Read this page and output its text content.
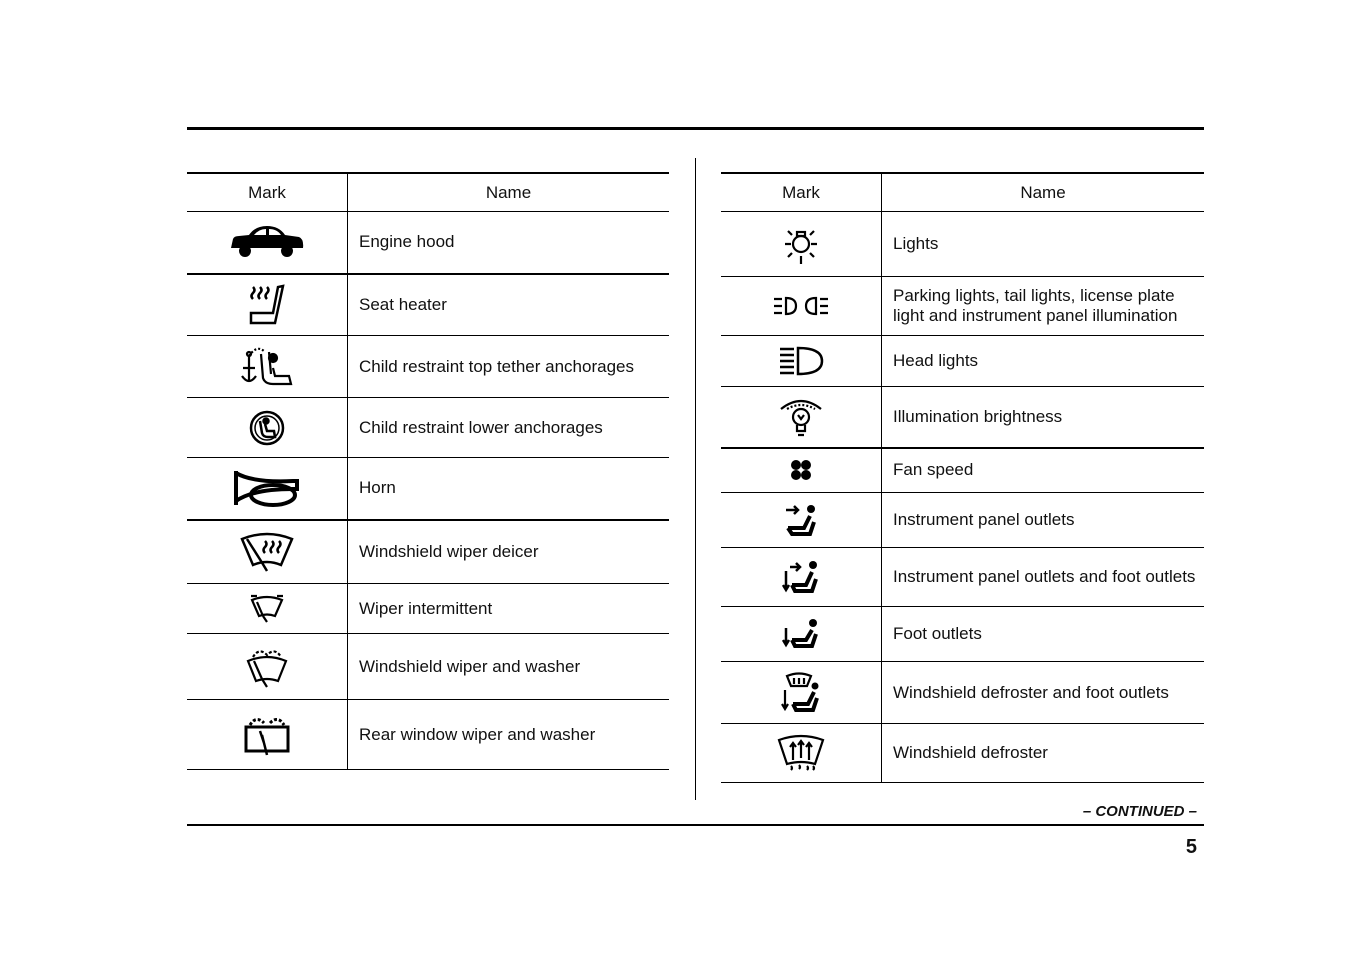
Mark	Name

	Engine hood

	Seat heater

	Child restraint top tether anchorages

	Child restraint lower anchorages

	Horn

	Windshield wiper deicer

	Wiper intermittent

	Windshield wiper and washer

	Rear window wiper and washer
Mark	Name

	Lights

	Parking lights, tail lights, license plate light and instrument panel illumination

	Head lights

	Illumination brightness

	Fan speed

	Instrument panel outlets

	Instrument panel outlets and foot outlets

	Foot outlets

	Windshield defroster and foot outlets

	Windshield defroster
– CONTINUED –
5
